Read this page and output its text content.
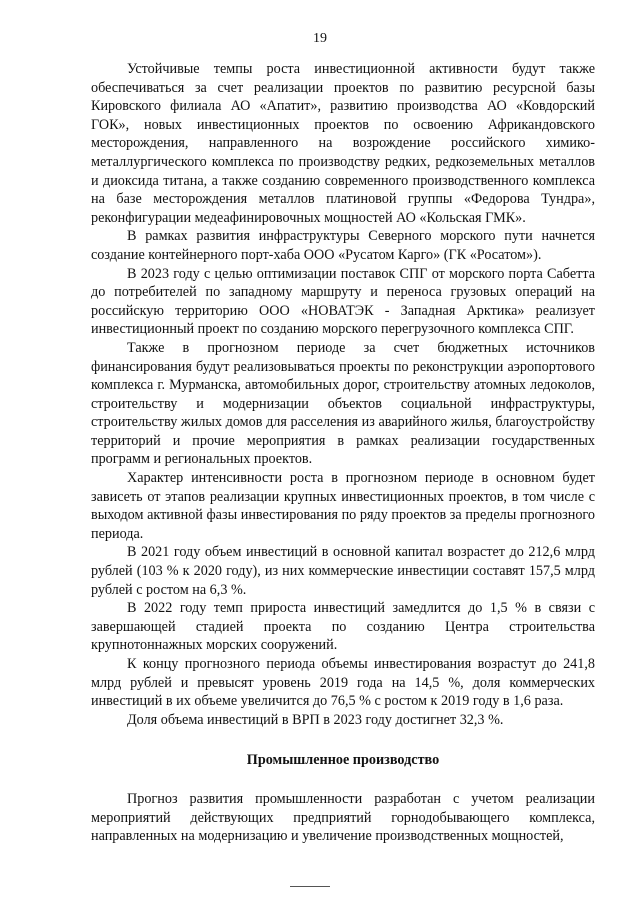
19

Устойчивые темпы роста инвестиционной активности будут также обеспечиваться за счет реализации проектов по развитию ресурсной базы Кировского филиала АО «Апатит», развитию производства АО «Ковдорский ГОК», новых инвестиционных проектов по освоению Африкандовского месторождения, направленного на возрождение российского химико-металлургического комплекса по производству редких, редкоземельных металлов и диоксида титана, а также созданию современного производственного комплекса на базе месторождения металлов платиновой группы «Федорова Тундра», реконфигурации медеафинировочных мощностей АО «Кольская ГМК».

В рамках развития инфраструктуры Северного морского пути начнется создание контейнерного порт-хаба ООО «Русатом Карго» (ГК «Росатом»).

В 2023 году с целью оптимизации поставок СПГ от морского порта Сабетта до потребителей по западному маршруту и переноса грузовых операций на российскую территорию ООО «НОВАТЭК - Западная Арктика» реализует инвестиционный проект по созданию морского перегрузочного комплекса СПГ.

Также в прогнозном периоде за счет бюджетных источников финансирования будут реализовываться проекты по реконструкции аэропортового комплекса г. Мурманска, автомобильных дорог, строительству атомных ледоколов, строительству и модернизации объектов социальной инфраструктуры, строительству жилых домов для расселения из аварийного жилья, благоустройству территорий и прочие мероприятия в рамках реализации государственных программ и региональных проектов.

Характер интенсивности роста в прогнозном периоде в основном будет зависеть от этапов реализации крупных инвестиционных проектов, в том числе с выходом активной фазы инвестирования по ряду проектов за пределы прогнозного периода.

В 2021 году объем инвестиций в основной капитал возрастет до 212,6 млрд рублей (103 % к 2020 году), из них коммерческие инвестиции составят 157,5 млрд рублей с ростом на 6,3 %.

В 2022 году темп прироста инвестиций замедлится до 1,5 % в связи с завершающей стадией проекта по созданию Центра строительства крупнотоннажных морских сооружений.

К концу прогнозного периода объемы инвестирования возрастут до 241,8 млрд рублей и превысят уровень 2019 года на 14,5 %, доля коммерческих инвестиций в их объеме увеличится до 76,5 % с ростом к 2019 году в 1,6 раза.

Доля объема инвестиций в ВРП в 2023 году достигнет 32,3 %.

Промышленное производство

Прогноз развития промышленности разработан с учетом реализации мероприятий действующих предприятий горнодобывающего комплекса, направленных на модернизацию и увеличение производственных мощностей,
